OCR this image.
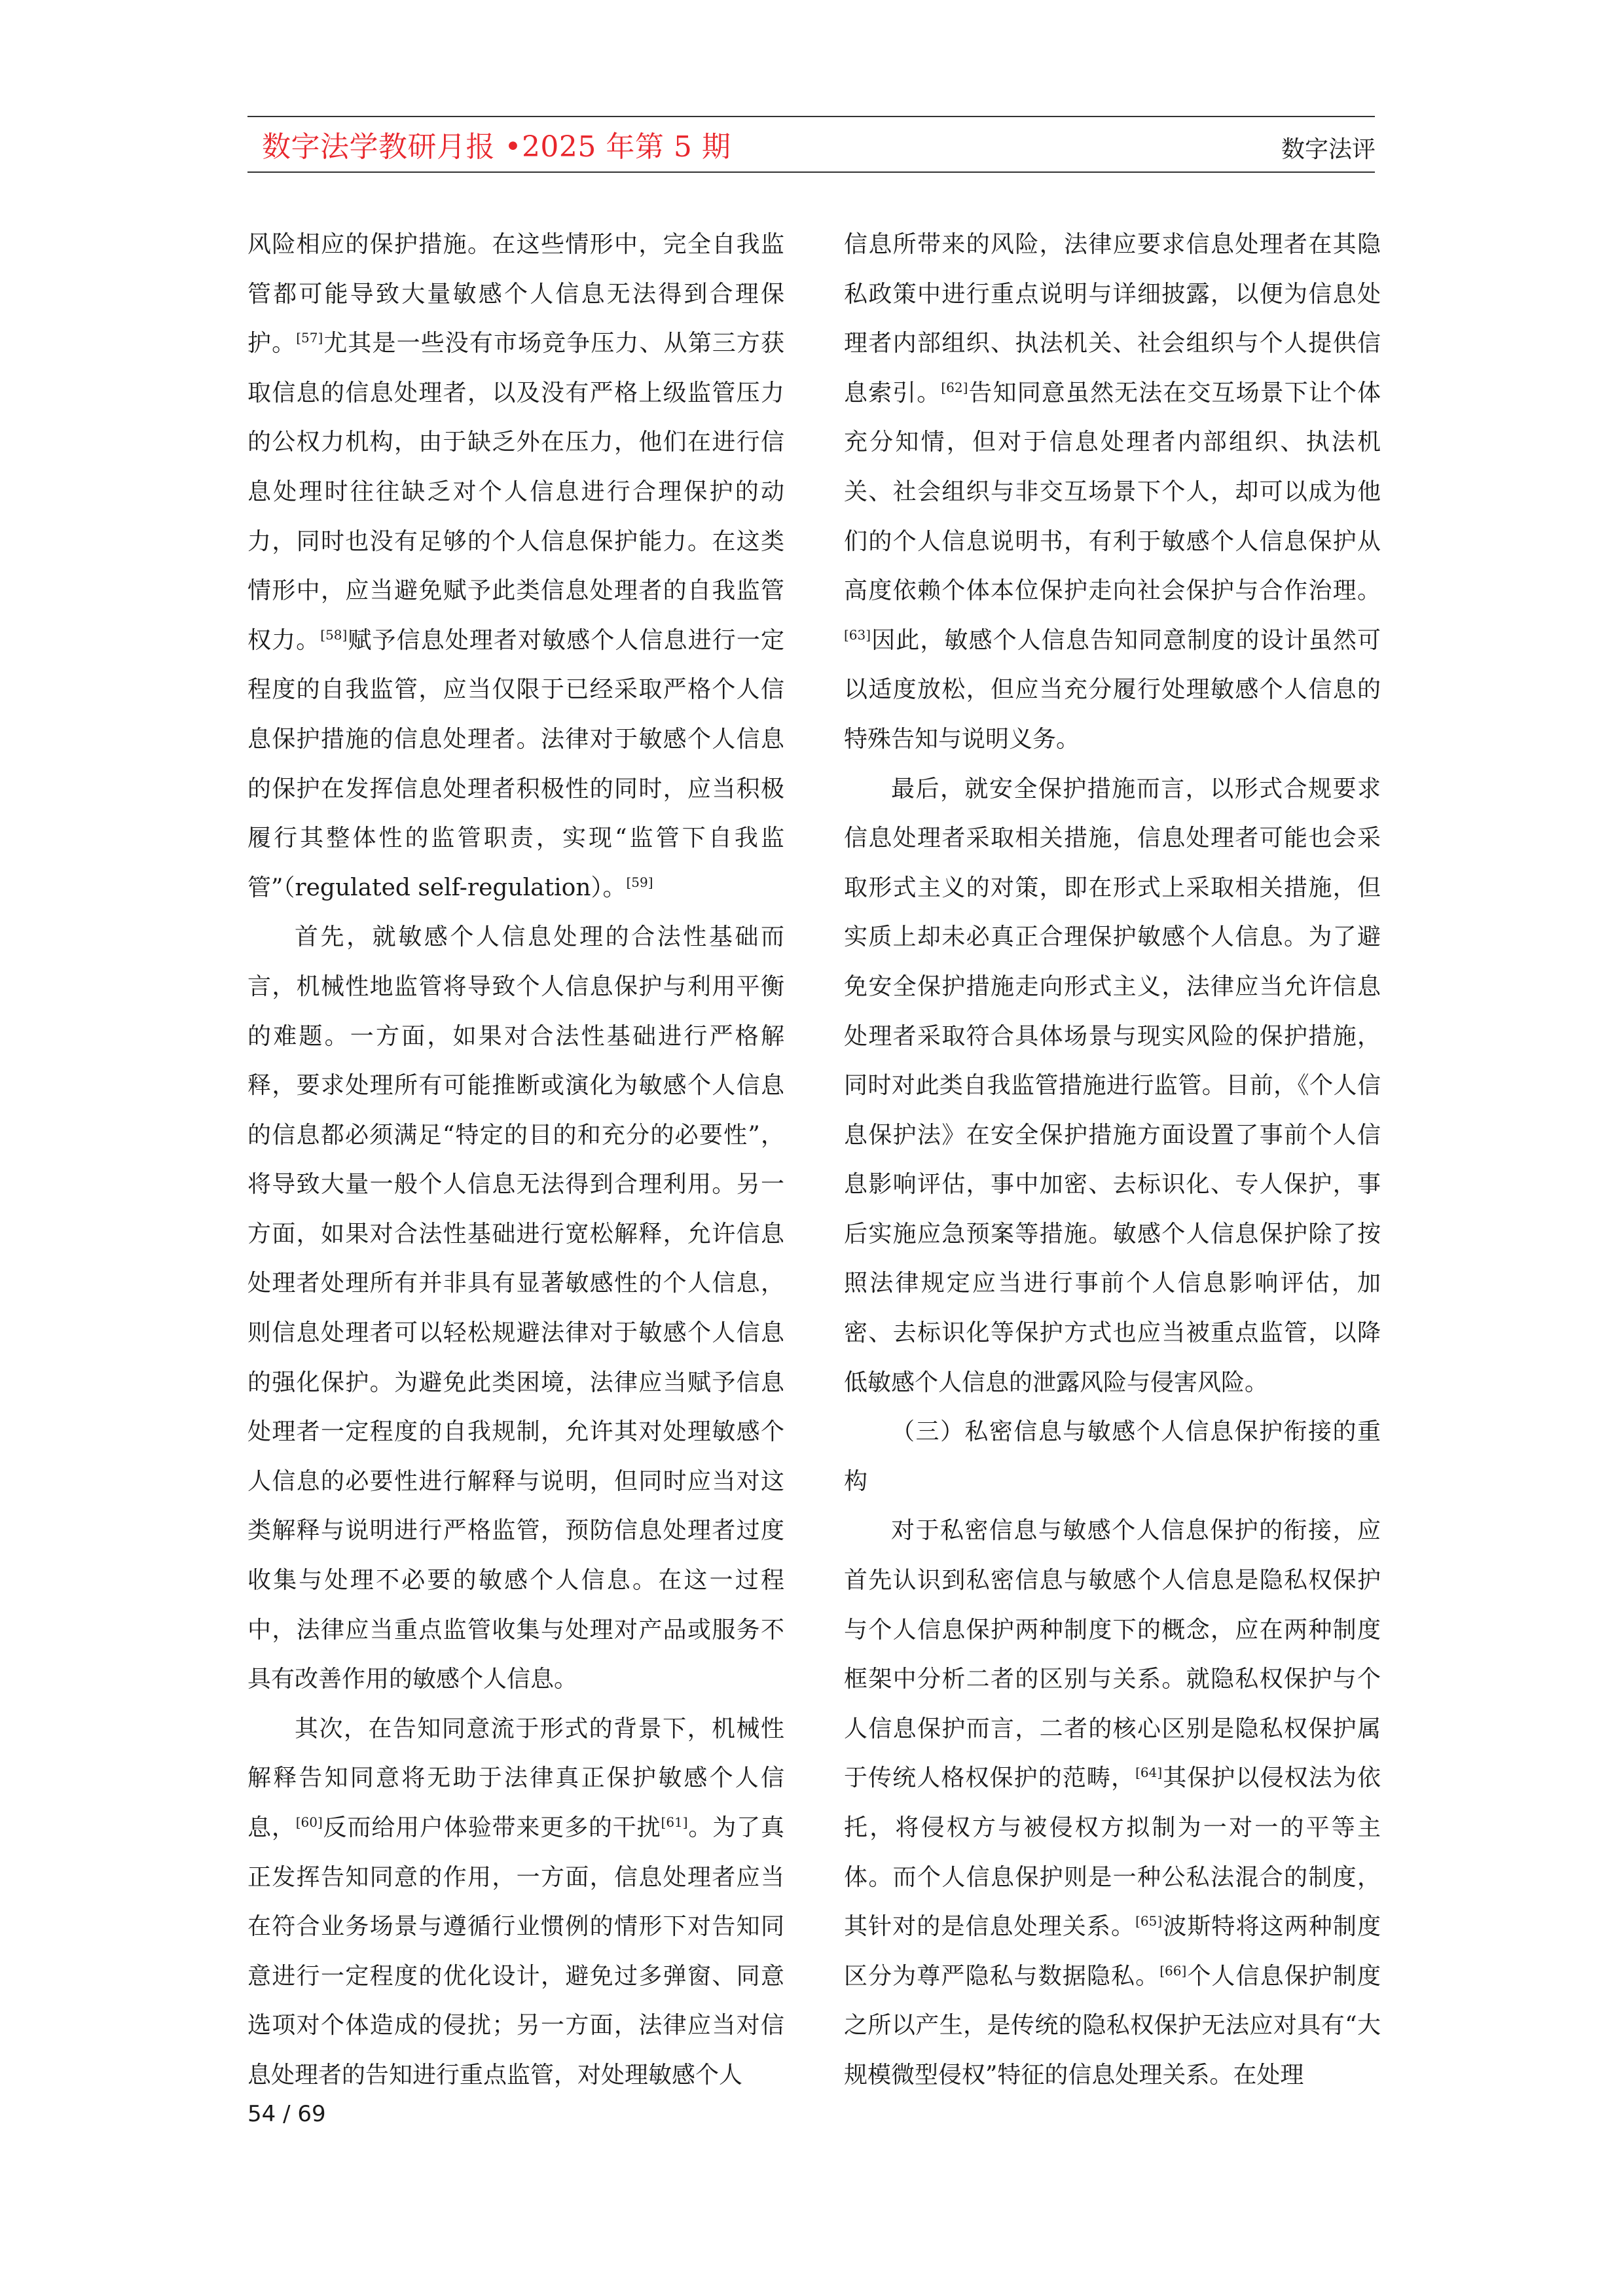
数字法学教研月报 •2025 年第 5 期	数字法评

风险相应的保护措施。在这些情形中，完全自我监管都可能导致大量敏感个人信息无法得到合理保护。[57]尤其是一些没有市场竞争压力、从第三方获取信息的信息处理者，以及没有严格上级监管压力的公权力机构，由于缺乏外在压力，他们在进行信息处理时往往缺乏对个人信息进行合理保护的动力，同时也没有足够的个人信息保护能力。在这类情形中，应当避免赋予此类信息处理者的自我监管权力。[58]赋予信息处理者对敏感个人信息进行一定程度的自我监管，应当仅限于已经采取严格个人信息保护措施的信息处理者。法律对于敏感个人信息的保护在发挥信息处理者积极性的同时，应当积极履行其整体性的监管职责，实现“监管下自我监管”（regulated self-regulation）。[59]

首先，就敏感个人信息处理的合法性基础而言，机械性地监管将导致个人信息保护与利用平衡的难题。一方面，如果对合法性基础进行严格解释，要求处理所有可能推断或演化为敏感个人信息的信息都必须满足“特定的目的和充分的必要性”，将导致大量一般个人信息无法得到合理利用。另一方面，如果对合法性基础进行宽松解释，允许信息处理者处理所有并非具有显著敏感性的个人信息，则信息处理者可以轻松规避法律对于敏感个人信息的强化保护。为避免此类困境，法律应当赋予信息处理者一定程度的自我规制，允许其对处理敏感个人信息的必要性进行解释与说明，但同时应当对这类解释与说明进行严格监管，预防信息处理者过度收集与处理不必要的敏感个人信息。在这一过程中，法律应当重点监管收集与处理对产品或服务不具有改善作用的敏感个人信息。

其次，在告知同意流于形式的背景下，机械性解释告知同意将无助于法律真正保护敏感个人信息，[60]反而给用户体验带来更多的干扰[61]。为了真正发挥告知同意的作用，一方面，信息处理者应当在符合业务场景与遵循行业惯例的情形下对告知同意进行一定程度的优化设计，避免过多弹窗、同意选项对个体造成的侵扰；另一方面，法律应当对信息处理者的告知进行重点监管，对处理敏感个人

信息所带来的风险，法律应要求信息处理者在其隐私政策中进行重点说明与详细披露，以便为信息处理者内部组织、执法机关、社会组织与个人提供信息索引。[62]告知同意虽然无法在交互场景下让个体充分知情，但对于信息处理者内部组织、执法机关、社会组织与非交互场景下个人，却可以成为他们的个人信息说明书，有利于敏感个人信息保护从高度依赖个体本位保护走向社会保护与合作治理。[63]因此，敏感个人信息告知同意制度的设计虽然可以适度放松，但应当充分履行处理敏感个人信息的特殊告知与说明义务。

最后，就安全保护措施而言，以形式合规要求信息处理者采取相关措施，信息处理者可能也会采取形式主义的对策，即在形式上采取相关措施，但实质上却未必真正合理保护敏感个人信息。为了避免安全保护措施走向形式主义，法律应当允许信息处理者采取符合具体场景与现实风险的保护措施，同时对此类自我监管措施进行监管。目前，《个人信息保护法》在安全保护措施方面设置了事前个人信息影响评估，事中加密、去标识化、专人保护，事后实施应急预案等措施。敏感个人信息保护除了按照法律规定应当进行事前个人信息影响评估，加密、去标识化等保护方式也应当被重点监管，以降低敏感个人信息的泄露风险与侵害风险。

（三）私密信息与敏感个人信息保护衔接的重构

对于私密信息与敏感个人信息保护的衔接，应首先认识到私密信息与敏感个人信息是隐私权保护与个人信息保护两种制度下的概念，应在两种制度框架中分析二者的区别与关系。就隐私权保护与个人信息保护而言，二者的核心区别是隐私权保护属于传统人格权保护的范畴，[64]其保护以侵权法为依托，将侵权方与被侵权方拟制为一对一的平等主体。而个人信息保护则是一种公私法混合的制度，其针对的是信息处理关系。[65]波斯特将这两种制度区分为尊严隐私与数据隐私。[66]个人信息保护制度之所以产生，是传统的隐私权保护无法应对具有“大规模微型侵权”特征的信息处理关系。在处理

54 / 69
